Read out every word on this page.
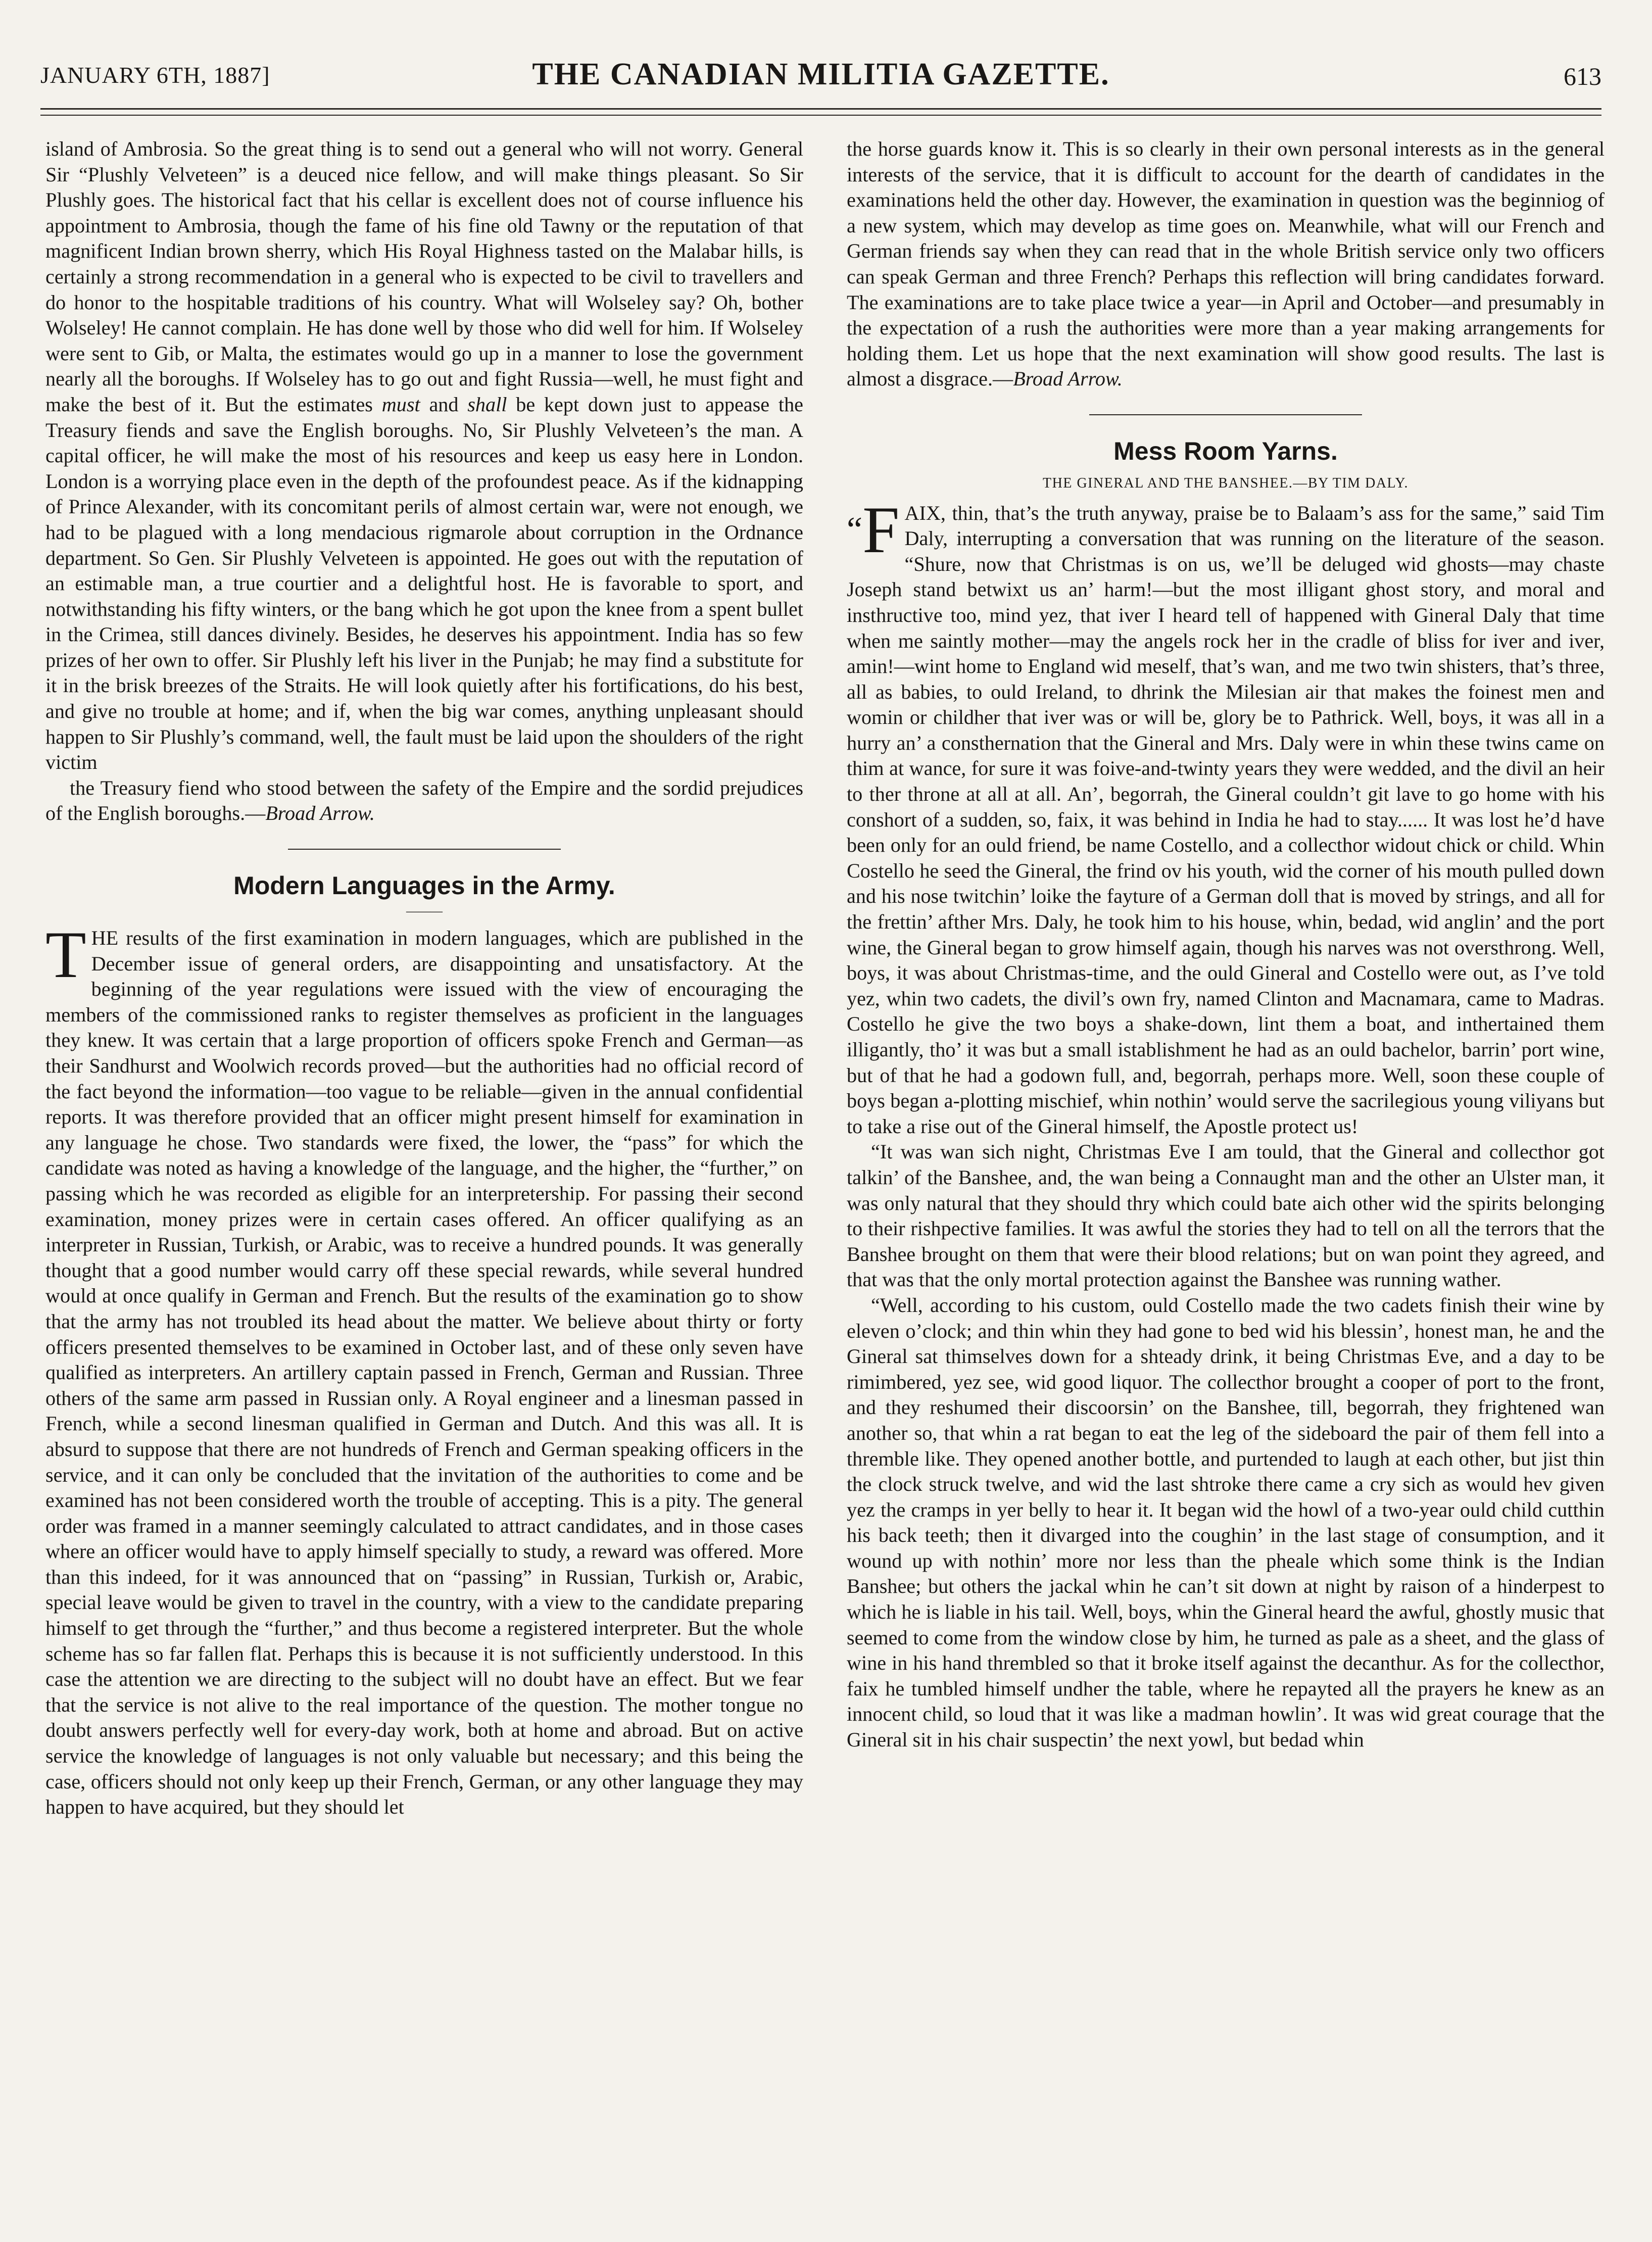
JANUARY 6TH, 1887]	THE CANADIAN MILITIA GAZETTE.	613

island of Ambrosia. So the great thing is to send out a general who will not worry. General Sir “Plushly Velveteen” is a deuced nice fellow, and will make things pleasant. So Sir Plushly goes. The historical fact that his cellar is excellent does not of course influence his appointment to Ambrosia, though the fame of his fine old Tawny or the reputation of that magnificent Indian brown sherry, which His Royal Highness tasted on the Malabar hills, is certainly a strong recommendation in a general who is expected to be civil to travellers and do honor to the hospitable traditions of his country. What will Wolseley say? Oh, bother Wolseley! He cannot complain. He has done well by those who did well for him. If Wolseley were sent to Gib, or Malta, the estimates would go up in a manner to lose the government nearly all the boroughs. If Wolseley has to go out and fight Russia—well, he must fight and make the best of it. But the estimates must and shall be kept down just to appease the Treasury fiends and save the English boroughs. No, Sir Plushly Velveteen’s the man. A capital officer, he will make the most of his resources and keep us easy here in London. London is a worrying place even in the depth of the profoundest peace. As if the kidnapping of Prince Alexander, with its concomitant perils of almost certain war, were not enough, we had to be plagued with a long mendacious rigmarole about corruption in the Ordnance department. So Gen. Sir Plushly Velveteen is appointed. He goes out with the reputation of an estimable man, a true courtier and a delightful host. He is favorable to sport, and notwithstanding his fifty winters, or the bang which he got upon the knee from a spent bullet in the Crimea, still dances divinely. Besides, he deserves his appointment. India has so few prizes of her own to offer. Sir Plushly left his liver in the Punjab; he may find a substitute for it in the brisk breezes of the Straits. He will look quietly after his fortifications, do his best, and give no trouble at home; and if, when the big war comes, anything unpleasant should happen to Sir Plushly’s command, well, the fault must be laid upon the shoulders of the right victim

the Treasury fiend who stood between the safety of the Empire and the sordid prejudices of the English boroughs.—Broad Arrow.

Modern Languages in the Army.
———

THE results of the first examination in modern languages, which are published in the December issue of general orders, are disappointing and unsatisfactory. At the beginning of the year regulations were issued with the view of encouraging the members of the commissioned ranks to register themselves as proficient in the languages they knew. It was certain that a large proportion of officers spoke French and German—as their Sandhurst and Woolwich records proved—but the authorities had no official record of the fact beyond the information—too vague to be reliable—given in the annual confidential reports. It was therefore provided that an officer might present himself for examination in any language he chose. Two standards were fixed, the lower, the “pass” for which the candidate was noted as having a knowledge of the language, and the higher, the “further,” on passing which he was recorded as eligible for an interpretership. For passing their second examination, money prizes were in certain cases offered. An officer qualifying as an interpreter in Russian, Turkish, or Arabic, was to receive a hundred pounds. It was generally thought that a good number would carry off these special rewards, while several hundred would at once qualify in German and French. But the results of the examination go to show that the army has not troubled its head about the matter. We believe about thirty or forty officers presented themselves to be examined in October last, and of these only seven have qualified as interpreters. An artillery captain passed in French, German and Russian. Three others of the same arm passed in Russian only. A Royal engineer and a linesman passed in French, while a second linesman qualified in German and Dutch. And this was all. It is absurd to suppose that there are not hundreds of French and German speaking officers in the service, and it can only be concluded that the invitation of the authorities to come and be examined has not been considered worth the trouble of accepting. This is a pity. The general order was framed in a manner seemingly calculated to attract candidates, and in those cases where an officer would have to apply himself specially to study, a reward was offered. More than this indeed, for it was announced that on “passing” in Russian, Turkish or, Arabic, special leave would be given to travel in the country, with a view to the candidate preparing himself to get through the “further,” and thus become a registered interpreter. But the whole scheme has so far fallen flat. Perhaps this is because it is not sufficiently understood. In this case the attention we are directing to the subject will no doubt have an effect. But we fear that the service is not alive to the real importance of the question. The mother tongue no doubt answers perfectly well for every-day work, both at home and abroad. But on active service the knowledge of languages is not only valuable but necessary; and this being the case, officers should not only keep up their French, German, or any other language they may happen to have acquired, but they should let

the horse guards know it. This is so clearly in their own personal interests as in the general interests of the service, that it is difficult to account for the dearth of candidates in the examinations held the other day. However, the examination in question was the beginniog of a new system, which may develop as time goes on. Meanwhile, what will our French and German friends say when they can read that in the whole British service only two officers can speak German and three French? Perhaps this reflection will bring candidates forward. The examinations are to take place twice a year—in April and October—and presumably in the expectation of a rush the authorities were more than a year making arrangements for holding them. Let us hope that the next examination will show good results. The last is almost a disgrace.—Broad Arrow.

Mess Room Yarns.
THE GINERAL AND THE BANSHEE.—BY TIM DALY.

“F AIX, thin, that’s the truth anyway, praise be to Balaam’s ass for the same,” said Tim Daly, interrupting a conversation that was running on the literature of the season. “Shure, now that Christmas is on us, we’ll be deluged wid ghosts—may chaste Joseph stand betwixt us an’ harm!—but the most illigant ghost story, and moral and insthructive too, mind yez, that iver I heard tell of happened with Gineral Daly that time when me saintly mother—may the angels rock her in the cradle of bliss for iver and iver, amin!—wint home to England wid meself, that’s wan, and me two twin shisters, that’s three, all as babies, to ould Ireland, to dhrink the Milesian air that makes the foinest men and womin or childher that iver was or will be, glory be to Pathrick. Well, boys, it was all in a hurry an’ a consthernation that the Gineral and Mrs. Daly were in whin these twins came on thim at wance, for sure it was foive-and-twinty years they were wedded, and the divil an heir to ther throne at all at all. An’, begorrah, the Gineral couldn’t git lave to go home with his conshort of a sudden, so, faix, it was behind in India he had to stay...... It was lost he’d have been only for an ould friend, be name Costello, and a collecthor widout chick or child. Whin Costello he seed the Gineral, the frind ov his youth, wid the corner of his mouth pulled down and his nose twitchin’ loike the fayture of a German doll that is moved by strings, and all for the frettin’ afther Mrs. Daly, he took him to his house, whin, bedad, wid anglin’ and the port wine, the Gineral began to grow himself again, though his narves was not oversthrong. Well, boys, it was about Christmas-time, and the ould Gineral and Costello were out, as I’ve told yez, whin two cadets, the divil’s own fry, named Clinton and Macnamara, came to Madras. Costello he give the two boys a shake-down, lint them a boat, and inthertained them illigantly, tho’ it was but a small istablishment he had as an ould bachelor, barrin’ port wine, but of that he had a godown full, and, begorrah, perhaps more. Well, soon these couple of boys began a-plotting mischief, whin nothin’ would serve the sacrilegious young viliyans but to take a rise out of the Gineral himself, the Apostle protect us!

“It was wan sich night, Christmas Eve I am tould, that the Gineral and collecthor got talkin’ of the Banshee, and, the wan being a Connaught man and the other an Ulster man, it was only natural that they should thry which could bate aich other wid the spirits belonging to their rishpective families. It was awful the stories they had to tell on all the terrors that the Banshee brought on them that were their blood relations; but on wan point they agreed, and that was that the only mortal protection against the Banshee was running wather.

“Well, according to his custom, ould Costello made the two cadets finish their wine by eleven o’clock; and thin whin they had gone to bed wid his blessin’, honest man, he and the Gineral sat thimselves down for a shteady drink, it being Christmas Eve, and a day to be rimimbered, yez see, wid good liquor. The collecthor brought a cooper of port to the front, and they reshumed their discoorsin’ on the Banshee, till, begorrah, they frightened wan another so, that whin a rat began to eat the leg of the sideboard the pair of them fell into a thremble like. They opened another bottle, and purtended to laugh at each other, but jist thin the clock struck twelve, and wid the last shtroke there came a cry sich as would hev given yez the cramps in yer belly to hear it. It began wid the howl of a two-year ould child cutthin his back teeth; then it divarged into the coughin’ in the last stage of consumption, and it wound up with nothin’ more nor less than the pheale which some think is the Indian Banshee; but others the jackal whin he can’t sit down at night by raison of a hinderpest to which he is liable in his tail. Well, boys, whin the Gineral heard the awful, ghostly music that seemed to come from the window close by him, he turned as pale as a sheet, and the glass of wine in his hand thrembled so that it broke itself against the decanthur. As for the collecthor, faix he tumbled himself undher the table, where he repayted all the prayers he knew as an innocent child, so loud that it was like a madman howlin’. It was wid great courage that the Gineral sit in his chair suspectin’ the next yowl, but bedad whin
